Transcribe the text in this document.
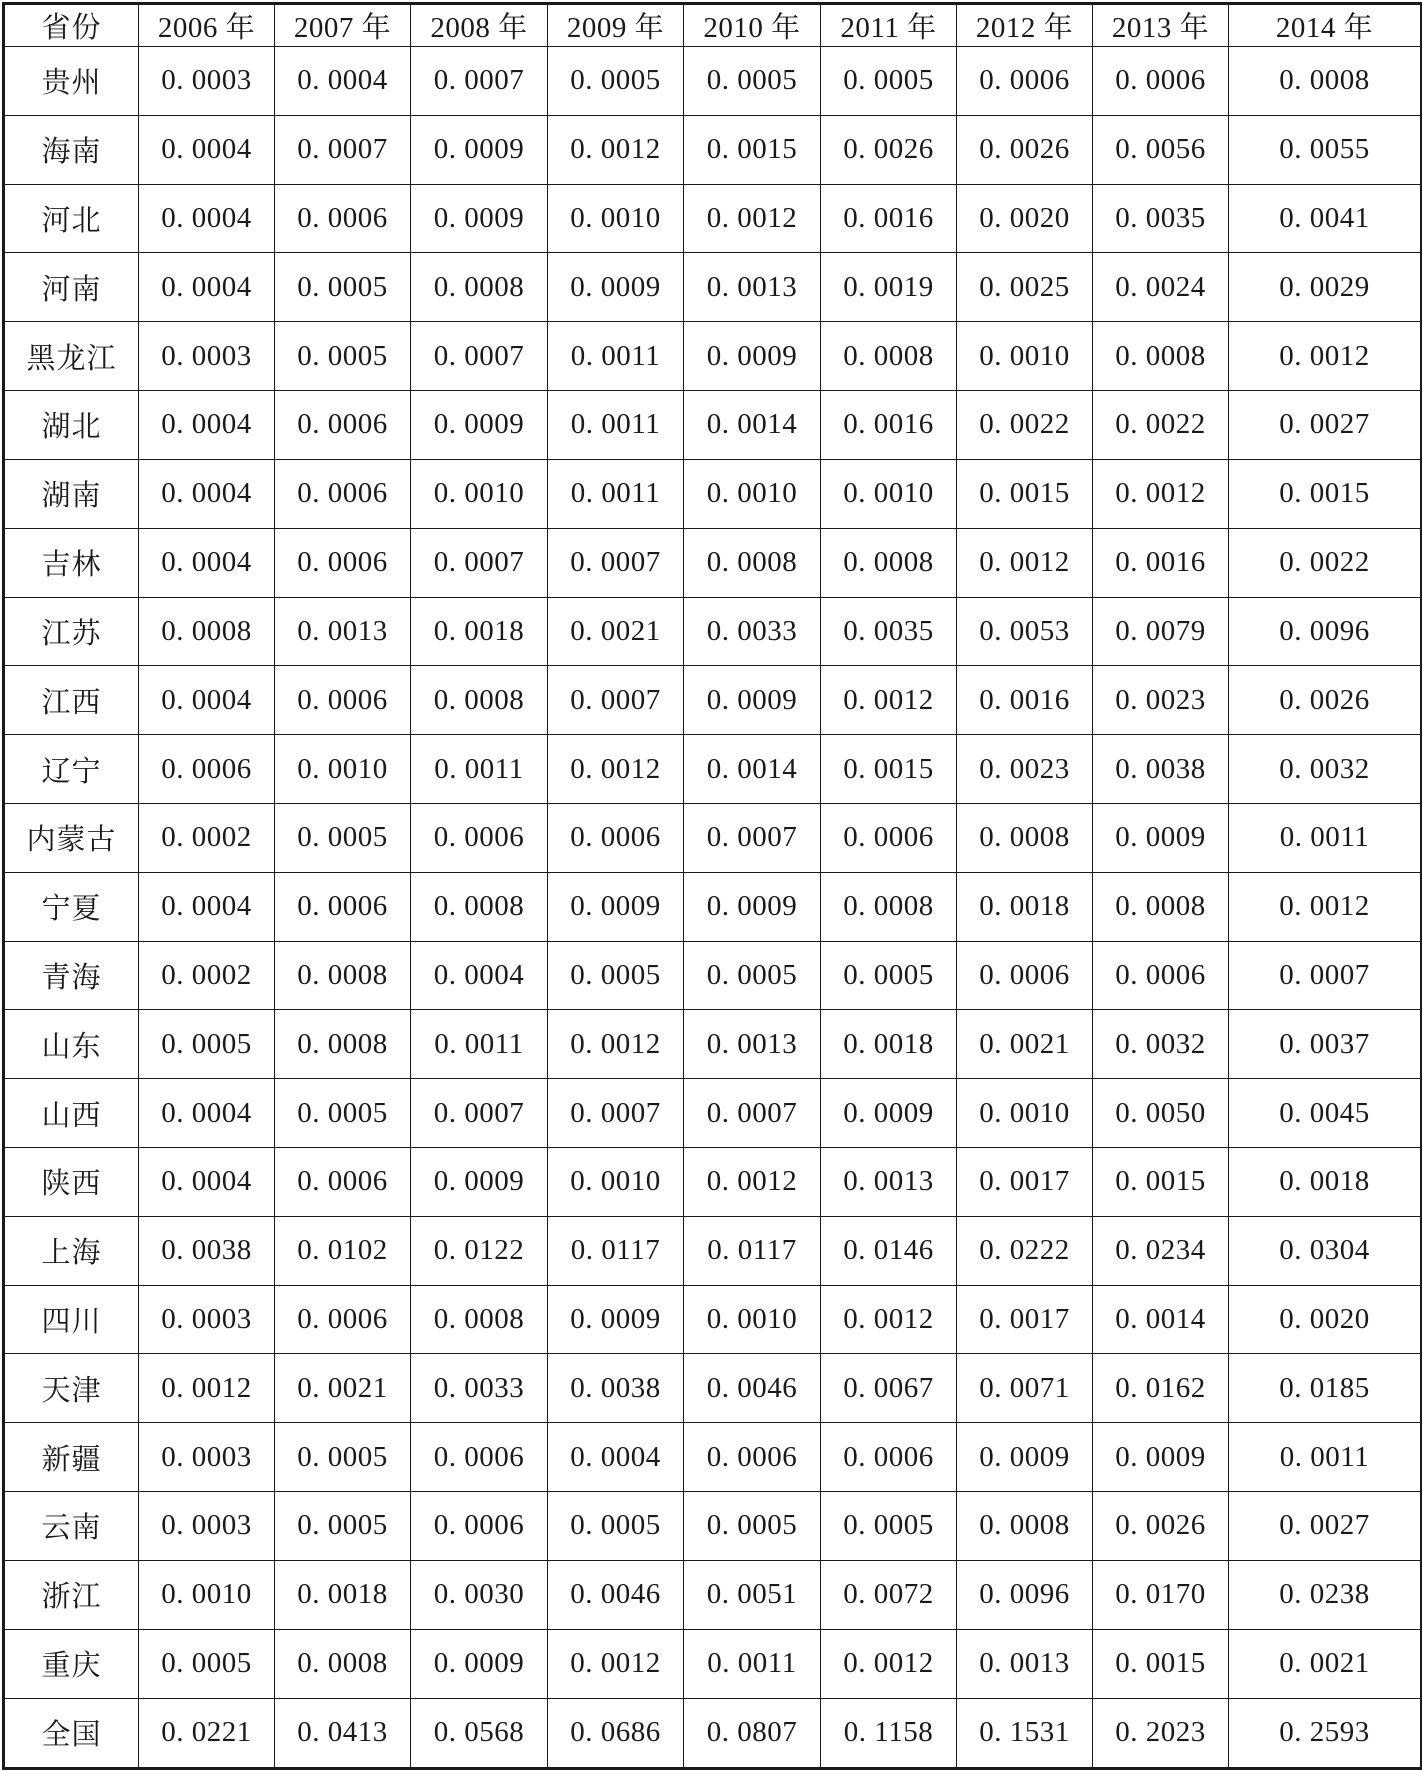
省份	2006 年	2007 年	2008 年	2009 年	2010 年	2011 年	2012 年	2013 年	2014 年
贵州	0. 0003	0. 0004	0. 0007	0. 0005	0. 0005	0. 0005	0. 0006	0. 0006	0. 0008
海南	0. 0004	0. 0007	0. 0009	0. 0012	0. 0015	0. 0026	0. 0026	0. 0056	0. 0055
河北	0. 0004	0. 0006	0. 0009	0. 0010	0. 0012	0. 0016	0. 0020	0. 0035	0. 0041
河南	0. 0004	0. 0005	0. 0008	0. 0009	0. 0013	0. 0019	0. 0025	0. 0024	0. 0029
黑龙江	0. 0003	0. 0005	0. 0007	0. 0011	0. 0009	0. 0008	0. 0010	0. 0008	0. 0012
湖北	0. 0004	0. 0006	0. 0009	0. 0011	0. 0014	0. 0016	0. 0022	0. 0022	0. 0027
湖南	0. 0004	0. 0006	0. 0010	0. 0011	0. 0010	0. 0010	0. 0015	0. 0012	0. 0015
吉林	0. 0004	0. 0006	0. 0007	0. 0007	0. 0008	0. 0008	0. 0012	0. 0016	0. 0022
江苏	0. 0008	0. 0013	0. 0018	0. 0021	0. 0033	0. 0035	0. 0053	0. 0079	0. 0096
江西	0. 0004	0. 0006	0. 0008	0. 0007	0. 0009	0. 0012	0. 0016	0. 0023	0. 0026
辽宁	0. 0006	0. 0010	0. 0011	0. 0012	0. 0014	0. 0015	0. 0023	0. 0038	0. 0032
内蒙古	0. 0002	0. 0005	0. 0006	0. 0006	0. 0007	0. 0006	0. 0008	0. 0009	0. 0011
宁夏	0. 0004	0. 0006	0. 0008	0. 0009	0. 0009	0. 0008	0. 0018	0. 0008	0. 0012
青海	0. 0002	0. 0008	0. 0004	0. 0005	0. 0005	0. 0005	0. 0006	0. 0006	0. 0007
山东	0. 0005	0. 0008	0. 0011	0. 0012	0. 0013	0. 0018	0. 0021	0. 0032	0. 0037
山西	0. 0004	0. 0005	0. 0007	0. 0007	0. 0007	0. 0009	0. 0010	0. 0050	0. 0045
陕西	0. 0004	0. 0006	0. 0009	0. 0010	0. 0012	0. 0013	0. 0017	0. 0015	0. 0018
上海	0. 0038	0. 0102	0. 0122	0. 0117	0. 0117	0. 0146	0. 0222	0. 0234	0. 0304
四川	0. 0003	0. 0006	0. 0008	0. 0009	0. 0010	0. 0012	0. 0017	0. 0014	0. 0020
天津	0. 0012	0. 0021	0. 0033	0. 0038	0. 0046	0. 0067	0. 0071	0. 0162	0. 0185
新疆	0. 0003	0. 0005	0. 0006	0. 0004	0. 0006	0. 0006	0. 0009	0. 0009	0. 0011
云南	0. 0003	0. 0005	0. 0006	0. 0005	0. 0005	0. 0005	0. 0008	0. 0026	0. 0027
浙江	0. 0010	0. 0018	0. 0030	0. 0046	0. 0051	0. 0072	0. 0096	0. 0170	0. 0238
重庆	0. 0005	0. 0008	0. 0009	0. 0012	0. 0011	0. 0012	0. 0013	0. 0015	0. 0021
全国	0. 0221	0. 0413	0. 0568	0. 0686	0. 0807	0. 1158	0. 1531	0. 2023	0. 2593
